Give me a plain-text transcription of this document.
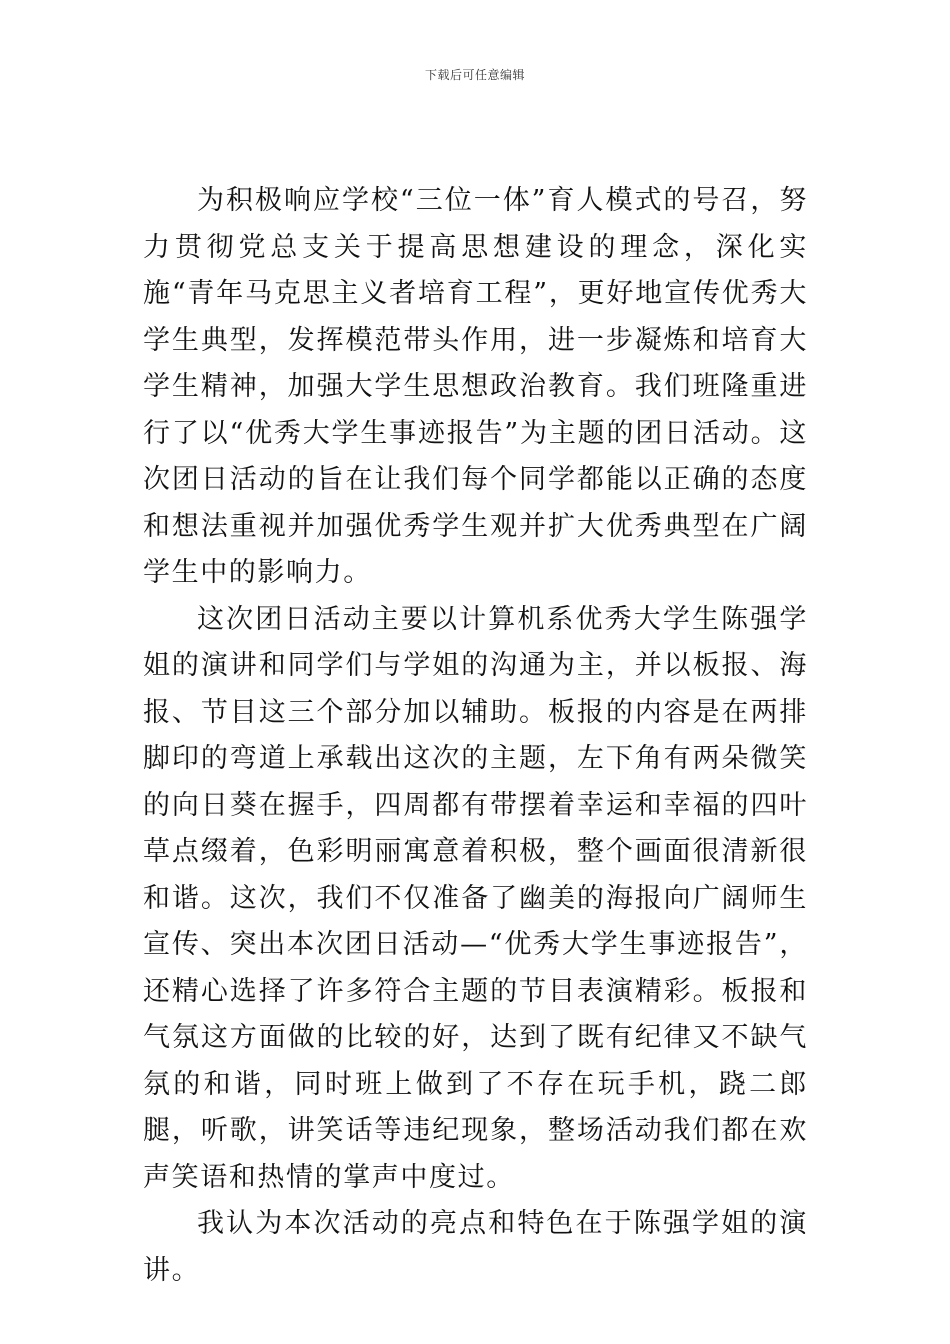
下载后可任意编辑

为积极响应学校“三位一体”育人模式的号召，努力贯彻党总支关于提高思想建设的理念，深化实施“青年马克思主义者培育工程”，更好地宣传优秀大学生典型，发挥模范带头作用，进一步凝炼和培育大学生精神，加强大学生思想政治教育。我们班隆重进行了以“优秀大学生事迹报告”为主题的团日活动。这次团日活动的旨在让我们每个同学都能以正确的态度和想法重视并加强优秀学生观并扩大优秀典型在广阔学生中的影响力。

这次团日活动主要以计算机系优秀大学生陈强学姐的演讲和同学们与学姐的沟通为主，并以板报、海报、节目这三个部分加以辅助。板报的内容是在两排脚印的弯道上承载出这次的主题，左下角有两朵微笑的向日葵在握手，四周都有带摆着幸运和幸福的四叶草点缀着，色彩明丽寓意着积极，整个画面很清新很和谐。这次，我们不仅准备了幽美的海报向广阔师生宣传、突出本次团日活动—“优秀大学生事迹报告”，还精心选择了许多符合主题的节目表演精彩。板报和气氛这方面做的比较的好，达到了既有纪律又不缺气氛的和谐，同时班上做到了不存在玩手机，跷二郎腿，听歌，讲笑话等违纪现象，整场活动我们都在欢声笑语和热情的掌声中度过。

我认为本次活动的亮点和特色在于陈强学姐的演讲。
